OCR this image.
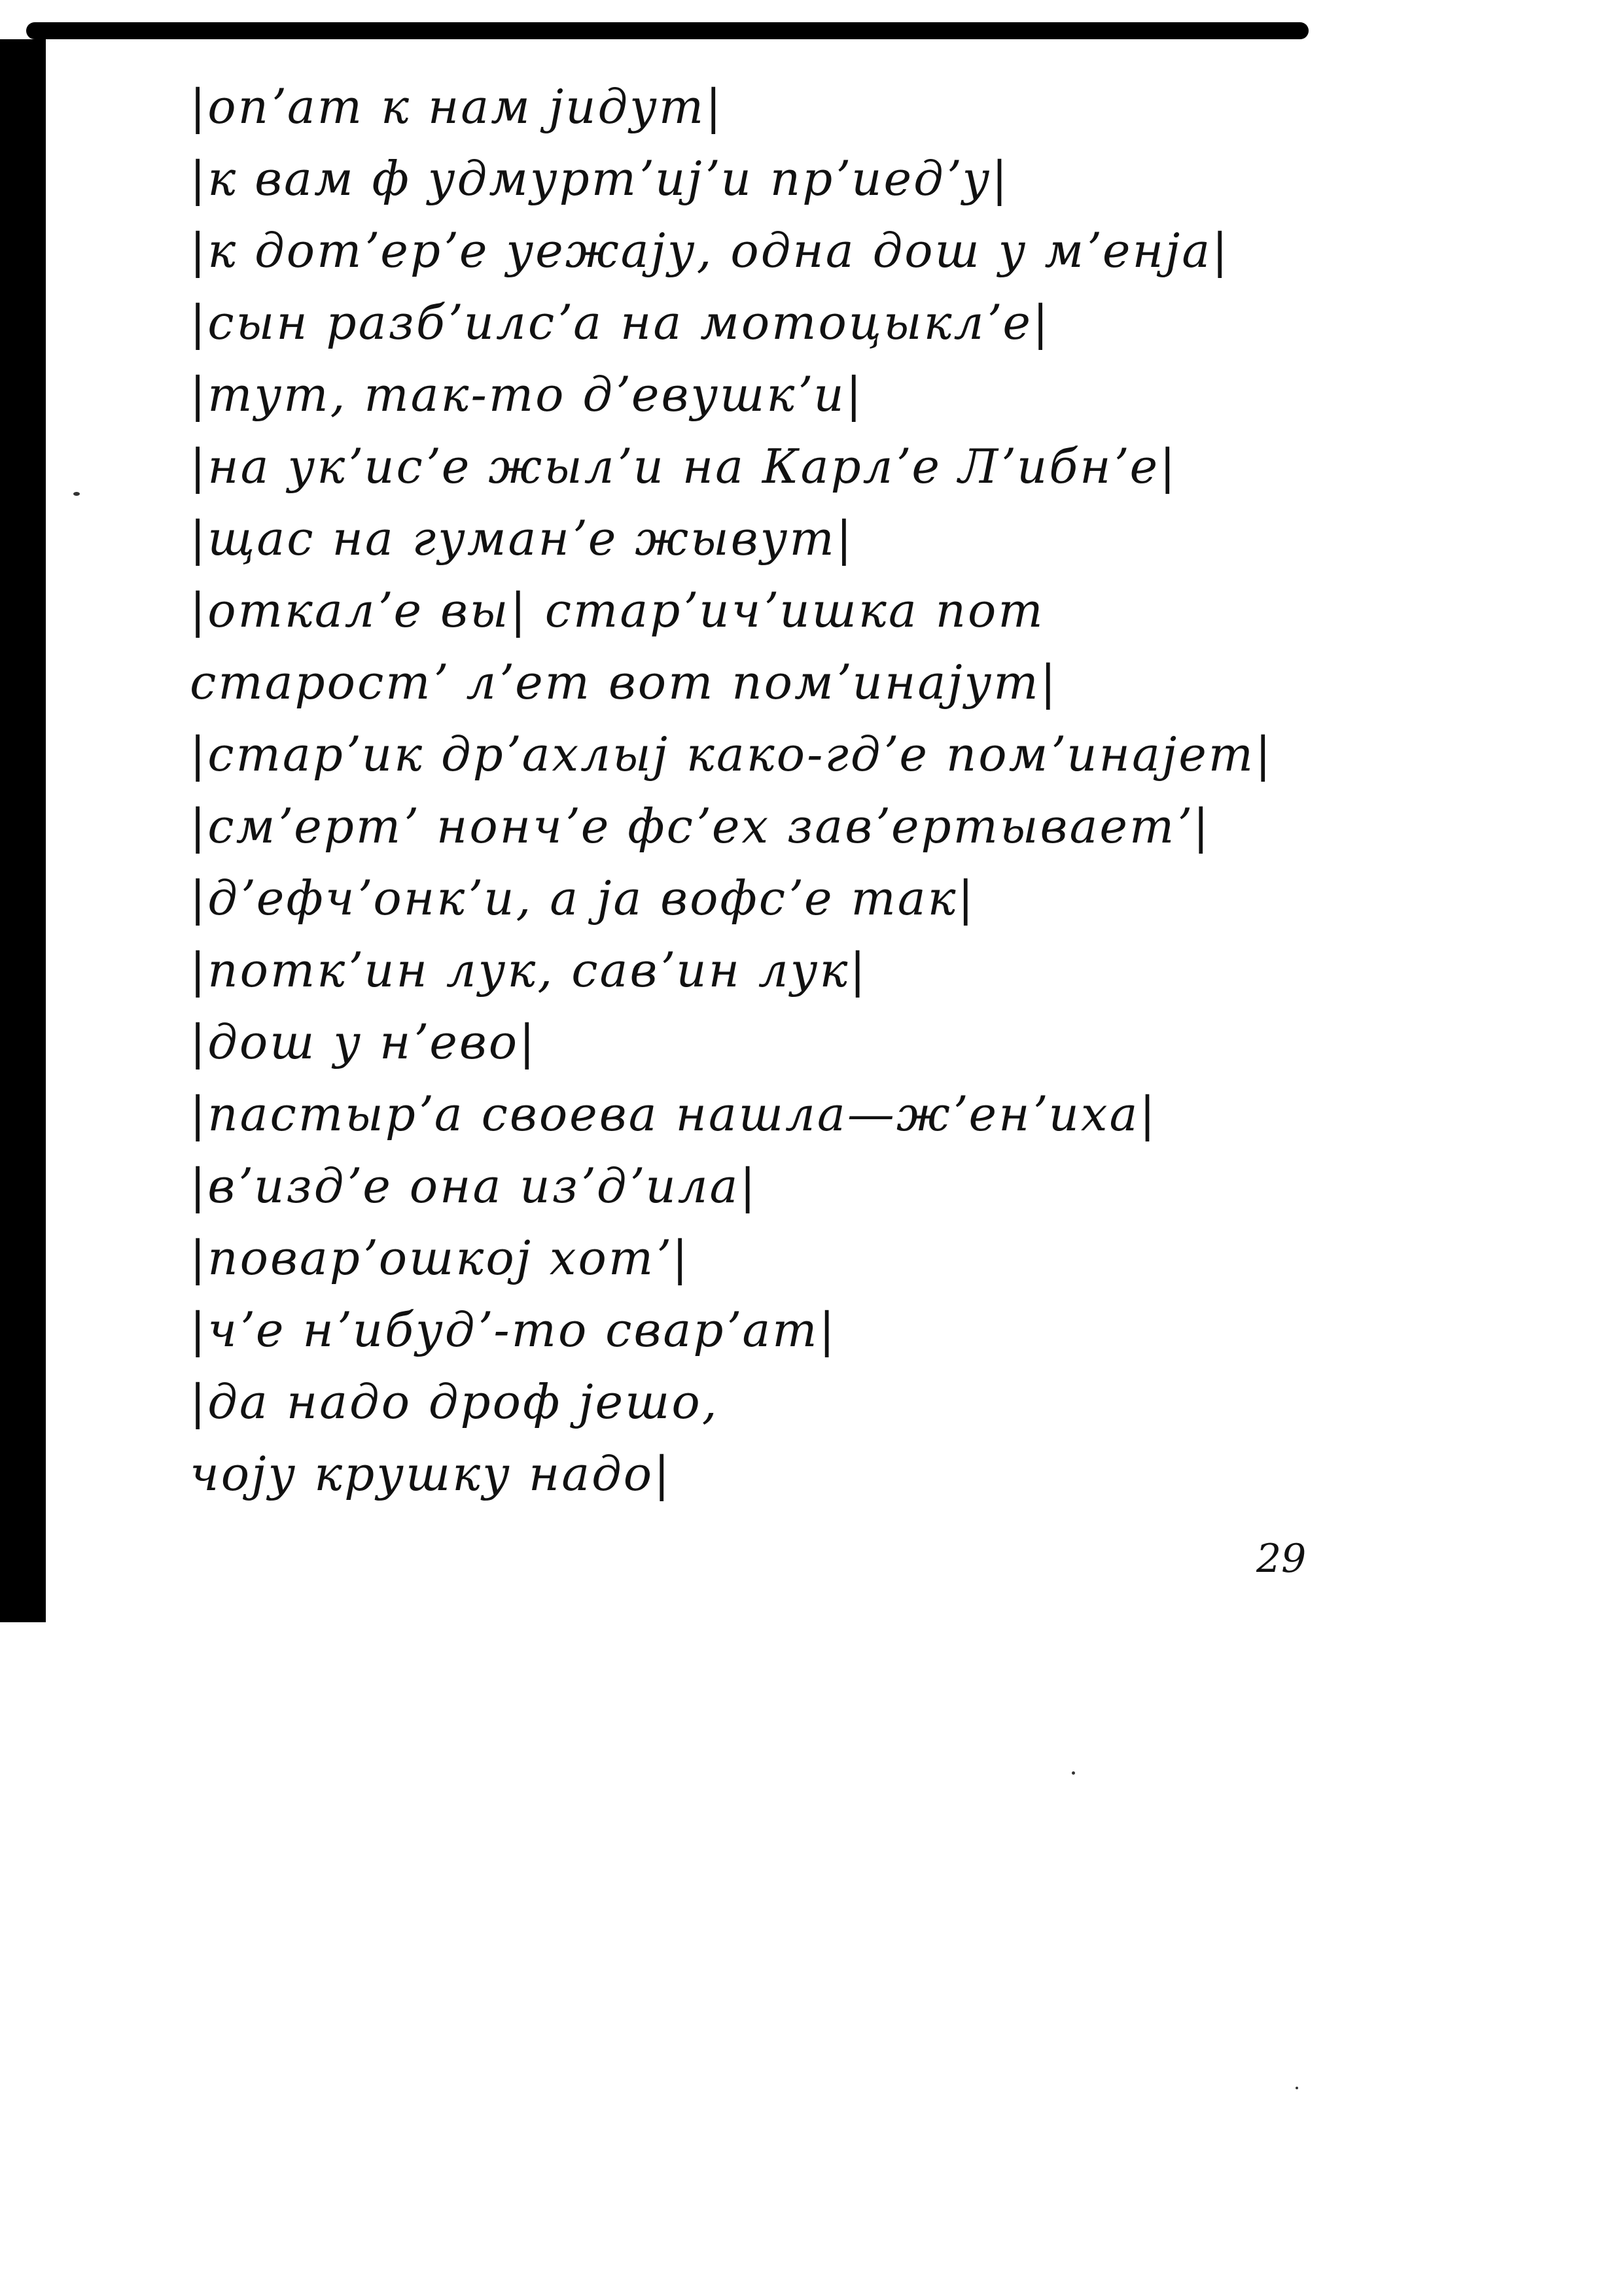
|опʼат к нам јидут|
|к вам ф удмуртʼијʼи прʼиедʼу|
|к дотʼерʼе уежају, одна дош у мʼенја|
|сын разбʼилсʼа на мотоцыклʼе|
|тут, так-то дʼевушкʼи|
|на укʼисʼе жылʼи на Карлʼе Лʼибнʼе|
|щас на гуманʼе жывут|
|откалʼе вы| старʼичʼишка пот
старостʼ лʼет вот помʼинајут|
|старʼик дрʼахлыј како-гдʼе помʼинајет|
|смʼертʼ нончʼе фсʼех завʼертываетʼ|
|дʼефчʼонкʼи, а ја вофсʼе так|
|поткʼин лук, савʼин лук|
|дош у нʼево|
|пастырʼа своева нашла—жʼенʼиха|
|вʼиздʼе она изʼдʼила|
|поварʼошкој хотʼ|
|чʼе нʼибудʼ-то сварʼат|
|да надо дроф јешо,
чоју крушку надо|
29
